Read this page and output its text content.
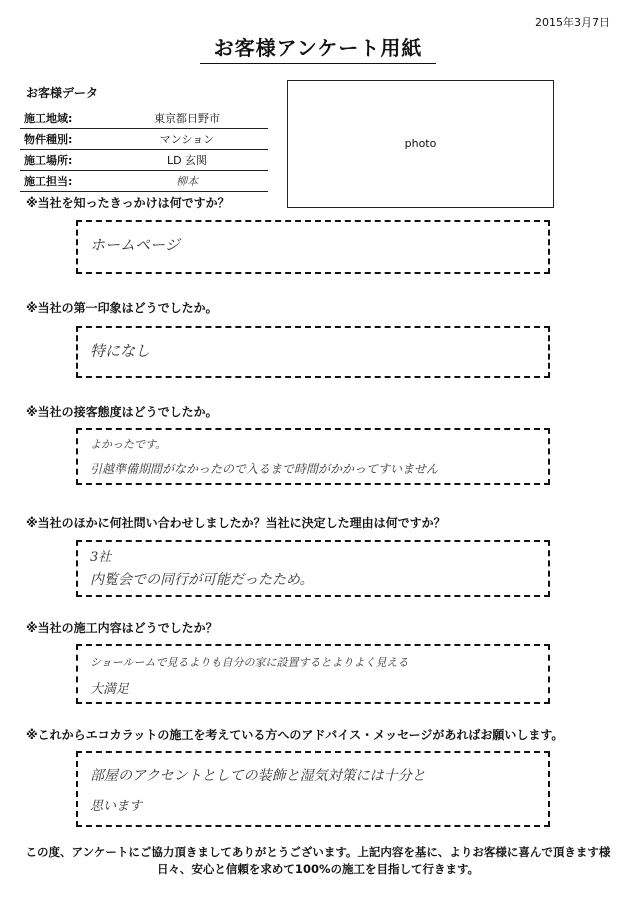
2015年3月7日
お客様アンケート用紙
お客様データ
施工地域:	東京都日野市
物件種別:	マンション
施工場所:	LD 玄関
施工担当:	柳本
photo
※当社を知ったきっかけは何ですか？
ホームページ
※当社の第一印象はどうでしたか。
特になし
※当社の接客態度はどうでしたか。
よかったです。
引越準備期間がなかったので入るまで時間がかかってすいません
※当社のほかに何社問い合わせしましたか？当社に決定した理由は何ですか？
3社
内覧会での同行が可能だったため。
※当社の施工内容はどうでしたか？
ショールームで見るよりも自分の家に設置するとよりよく見える
大満足
※これからエコカラットの施工を考えている方へのアドバイス・メッセージがあればお願いします。
部屋のアクセントとしての装飾と湿気対策には十分と
思います
この度、アンケートにご協力頂きましてありがとうございます。上記内容を基に、よりお客様に喜んで頂きます様
日々、安心と信頼を求めて100%の施工を目指して行きます。
